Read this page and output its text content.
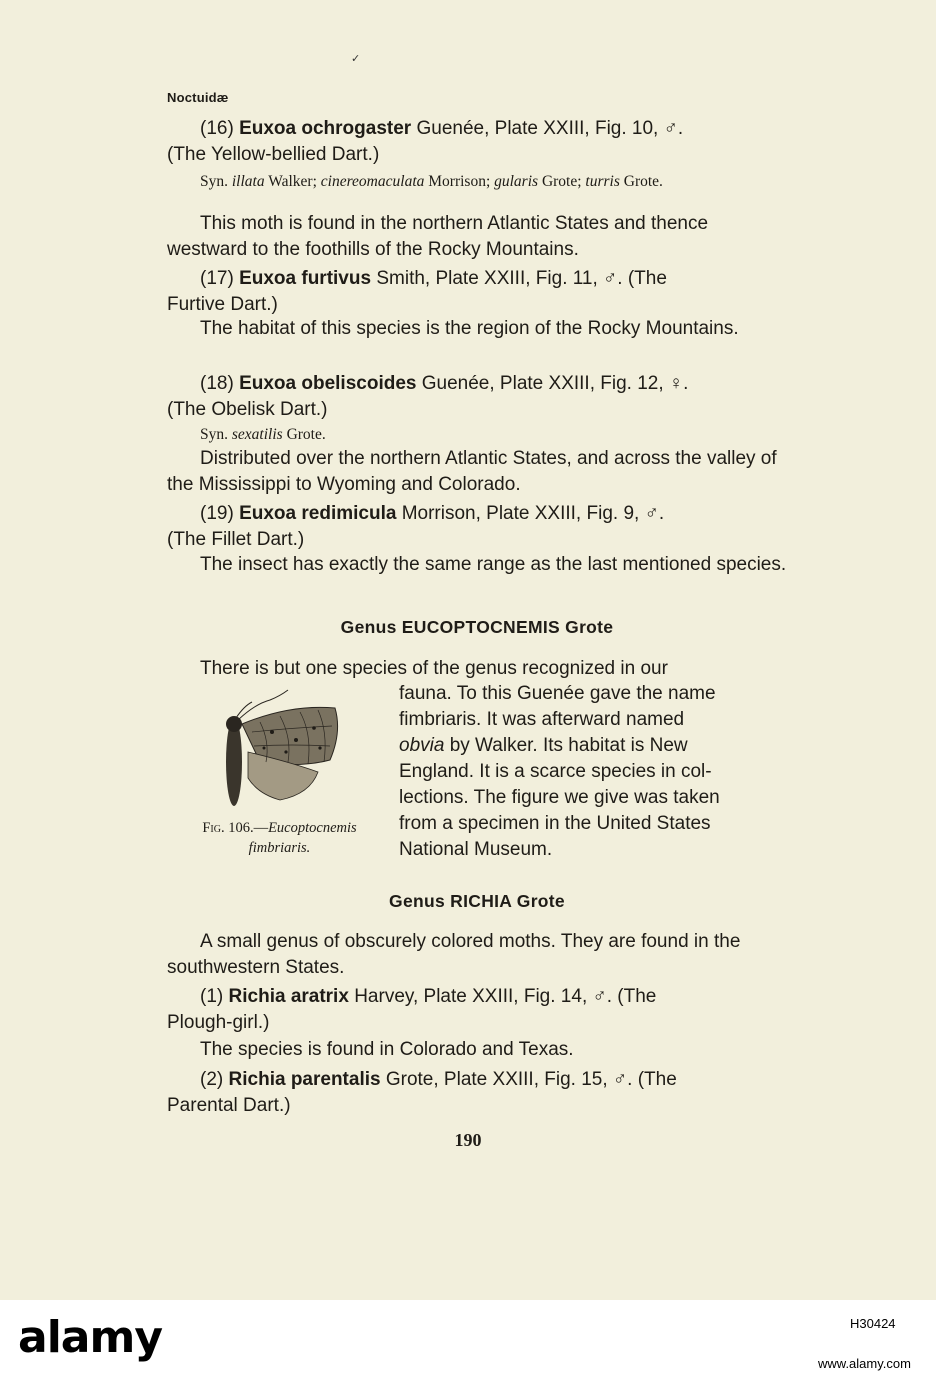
✓
Noctuidæ

(16) Euxoa ochrogaster Guenée, Plate XXIII, Fig. 10, ♂.

(The Yellow-bellied Dart.)

Syn. illata Walker; cinereomaculata Morrison; gularis Grote; turris Grote.

This moth is found in the northern Atlantic States and thence westward to the foothills of the Rocky Mountains.

(17) Euxoa furtivus Smith, Plate XXIII, Fig. 11, ♂. (The

Furtive Dart.)

The habitat of this species is the region of the Rocky Mountains.

(18) Euxoa obeliscoides Guenée, Plate XXIII, Fig. 12, ♀.

(The Obelisk Dart.)

Syn. sexatilis Grote.

Distributed over the northern Atlantic States, and across the valley of the Mississippi to Wyoming and Colorado.

(19) Euxoa redimicula Morrison, Plate XXIII, Fig. 9, ♂.

(The Fillet Dart.)

The insect has exactly the same range as the last mentioned species.

Genus EUCOPTOCNEMIS Grote

There is but one species of the genus recognized in our

fauna. To this Guenée gave the name
fimbriaris. It was afterward named
obvia by Walker. Its habitat is New
England. It is a scarce species in col-
lections. The figure we give was taken
from a specimen in the United States
National Museum.
Fig. 106.—Eucoptocnemis
fimbriaris.
Genus RICHIA Grote

A small genus of obscurely colored moths. They are found in the southwestern States.

(1) Richia aratrix Harvey, Plate XXIII, Fig. 14, ♂. (The

Plough-girl.)

The species is found in Colorado and Texas.

(2) Richia parentalis Grote, Plate XXIII, Fig. 15, ♂. (The

Parental Dart.)

190
alamy	H30424
www.alamy.com
